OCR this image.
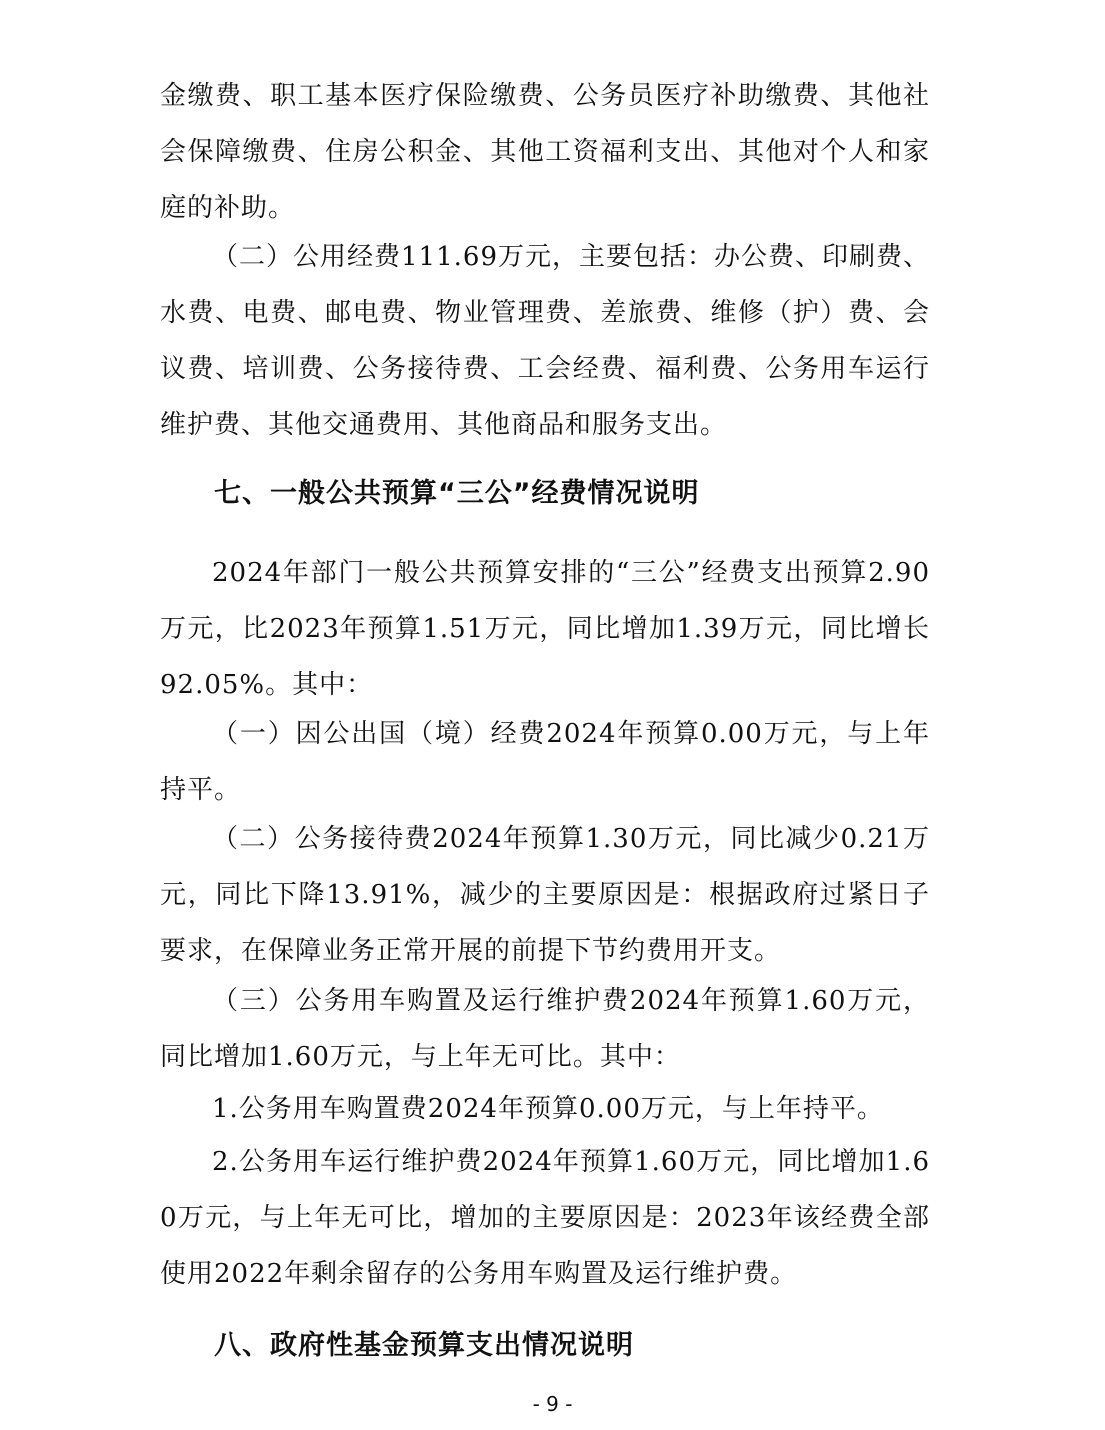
金缴费、职工基本医疗保险缴费、公务员医疗补助缴费、其他社会保障缴费、住房公积金、其他工资福利支出、其他对个人和家庭的补助。

（二）公用经费111.69万元，主要包括：办公费、印刷费、水费、电费、邮电费、物业管理费、差旅费、维修（护）费、会议费、培训费、公务接待费、工会经费、福利费、公务用车运行维护费、其他交通费用、其他商品和服务支出。

七、一般公共预算“三公”经费情况说明

2024年部门一般公共预算安排的“三公”经费支出预算2.90万元，比2023年预算1.51万元，同比增加1.39万元，同比增长92.05%。其中：

（一）因公出国（境）经费2024年预算0.00万元，与上年持平。

（二）公务接待费2024年预算1.30万元，同比减少0.21万元，同比下降13.91%，减少的主要原因是：根据政府过紧日子要求，在保障业务正常开展的前提下节约费用开支。

（三）公务用车购置及运行维护费2024年预算1.60万元，同比增加1.60万元，与上年无可比。其中：

1.公务用车购置费2024年预算0.00万元，与上年持平。

2.公务用车运行维护费2024年预算1.60万元，同比增加1.60万元，与上年无可比，增加的主要原因是：2023年该经费全部使用2022年剩余留存的公务用车购置及运行维护费。

八、政府性基金预算支出情况说明
- 9 -
